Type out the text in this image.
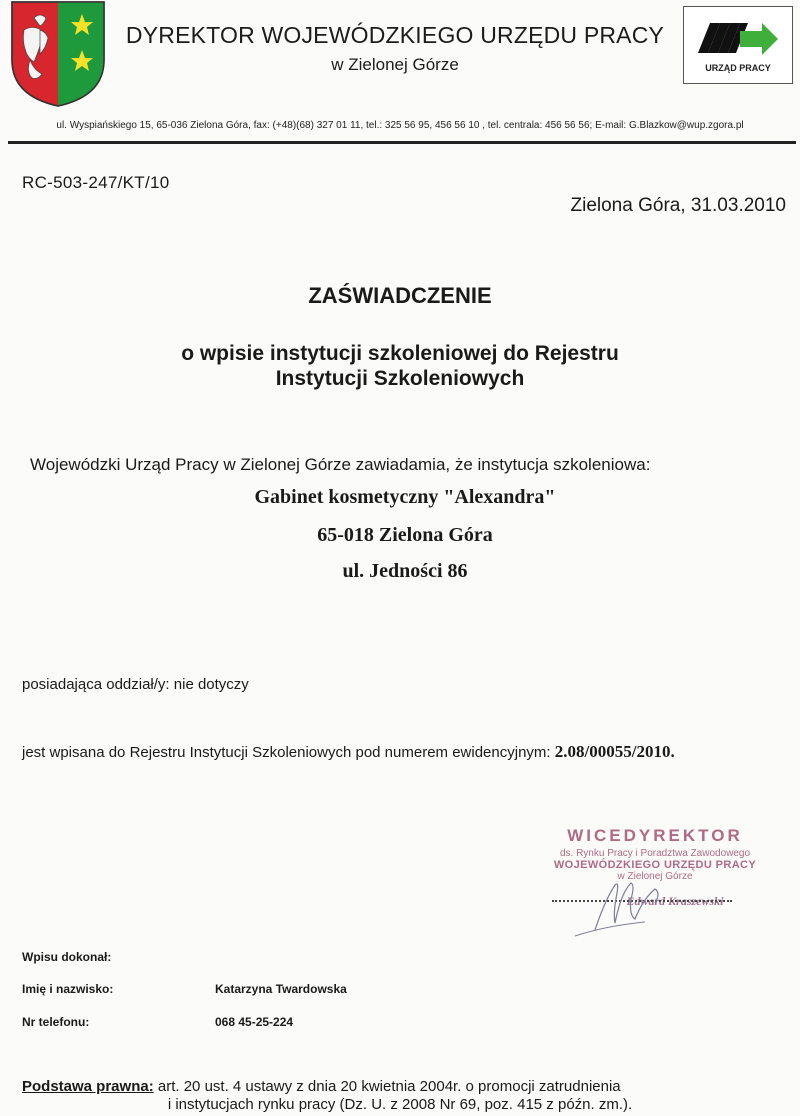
DYREKTOR WOJEWÓDZKIEGO URZĘDU PRACY
w Zielonej Górze	URZĄD PRACY
ul. Wyspiańskiego 15, 65-036 Zielona Góra, fax: (+48)(68) 327 01 11, tel.: 325 56 95, 456 56 10 , tel. centrala: 456 56 56; E-mail: G.Blazkow@wup.zgora.pl
RC-503-247/KT/10
Zielona Góra, 31.03.2010
ZAŚWIADCZENIE
o wpisie instytucji szkoleniowej do Rejestru Instytucji Szkoleniowych
Wojewódzki Urząd Pracy w Zielonej Górze zawiadamia, że instytucja szkoleniowa:
Gabinet kosmetyczny "Alexandra"
65-018 Zielona Góra
ul. Jedności 86
posiadająca oddział/y: nie dotyczy
jest wpisana do Rejestru Instytucji Szkoleniowych pod numerem ewidencyjnym: 2.08/00055/2010.
WICEDYREKTOR
ds. Rynku Pracy i Poradztwa Zawodowego
WOJEWÓDZKIEGO URZĘDU PRACY
w Zielonej Górze
Edward Kraszewski
Wpisu dokonał:
Imię i nazwisko:	Katarzyna Twardowska
Nr telefonu:	068 45-25-224
Podstawa prawna: art. 20 ust. 4 ustawy z dnia 20 kwietnia 2004r. o promocji zatrudnienia
i instytucjach rynku pracy (Dz. U. z 2008 Nr 69, poz. 415 z późn. zm.).
